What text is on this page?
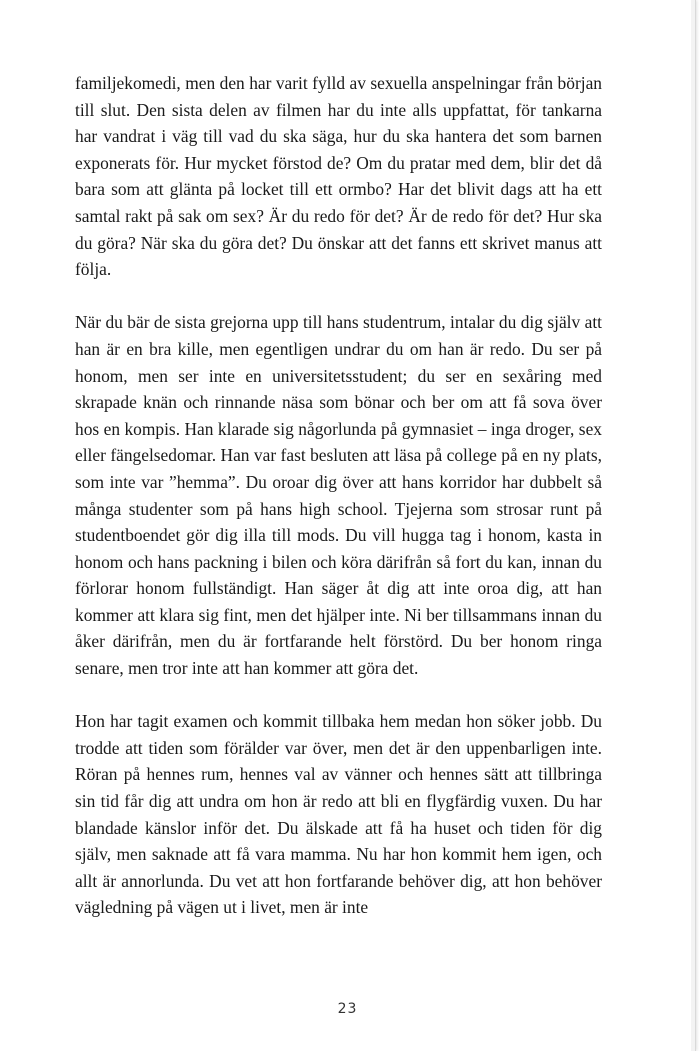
familjekomedi, men den har varit fylld av sexuella anspelningar från början till slut. Den sista delen av filmen har du inte alls uppfattat, för tankarna har vandrat i väg till vad du ska säga, hur du ska hantera det som barnen exponerats för. Hur mycket förstod de? Om du pratar med dem, blir det då bara som att glänta på locket till ett ormbo? Har det blivit dags att ha ett samtal rakt på sak om sex? Är du redo för det? Är de redo för det? Hur ska du göra? När ska du göra det? Du önskar att det fanns ett skrivet manus att följa.

När du bär de sista grejorna upp till hans studentrum, intalar du dig själv att han är en bra kille, men egentligen undrar du om han är redo. Du ser på honom, men ser inte en universitetsstudent; du ser en sexåring med skrapade knän och rinnande näsa som bönar och ber om att få sova över hos en kompis. Han klarade sig någorlunda på gymnasiet – inga droger, sex eller fängelsedomar. Han var fast besluten att läsa på college på en ny plats, som inte var ”hemma”. Du oroar dig över att hans korridor har dubbelt så många studenter som på hans high school. Tjejerna som strosar runt på studentboendet gör dig illa till mods. Du vill hugga tag i honom, kasta in honom och hans packning i bilen och köra därifrån så fort du kan, innan du förlorar honom fullständigt. Han säger åt dig att inte oroa dig, att han kommer att klara sig fint, men det hjälper inte. Ni ber tillsammans innan du åker därifrån, men du är fortfarande helt förstörd. Du ber honom ringa senare, men tror inte att han kommer att göra det.

Hon har tagit examen och kommit tillbaka hem medan hon söker jobb. Du trodde att tiden som förälder var över, men det är den uppenbarligen inte. Röran på hennes rum, hennes val av vänner och hennes sätt att tillbringa sin tid får dig att undra om hon är redo att bli en flygfärdig vuxen. Du har blandade känslor inför det. Du älskade att få ha huset och tiden för dig själv, men saknade att få vara mamma. Nu har hon kommit hem igen, och allt är annorlunda. Du vet att hon fortfarande behöver dig, att hon behöver vägledning på vägen ut i livet, men är inte

23
